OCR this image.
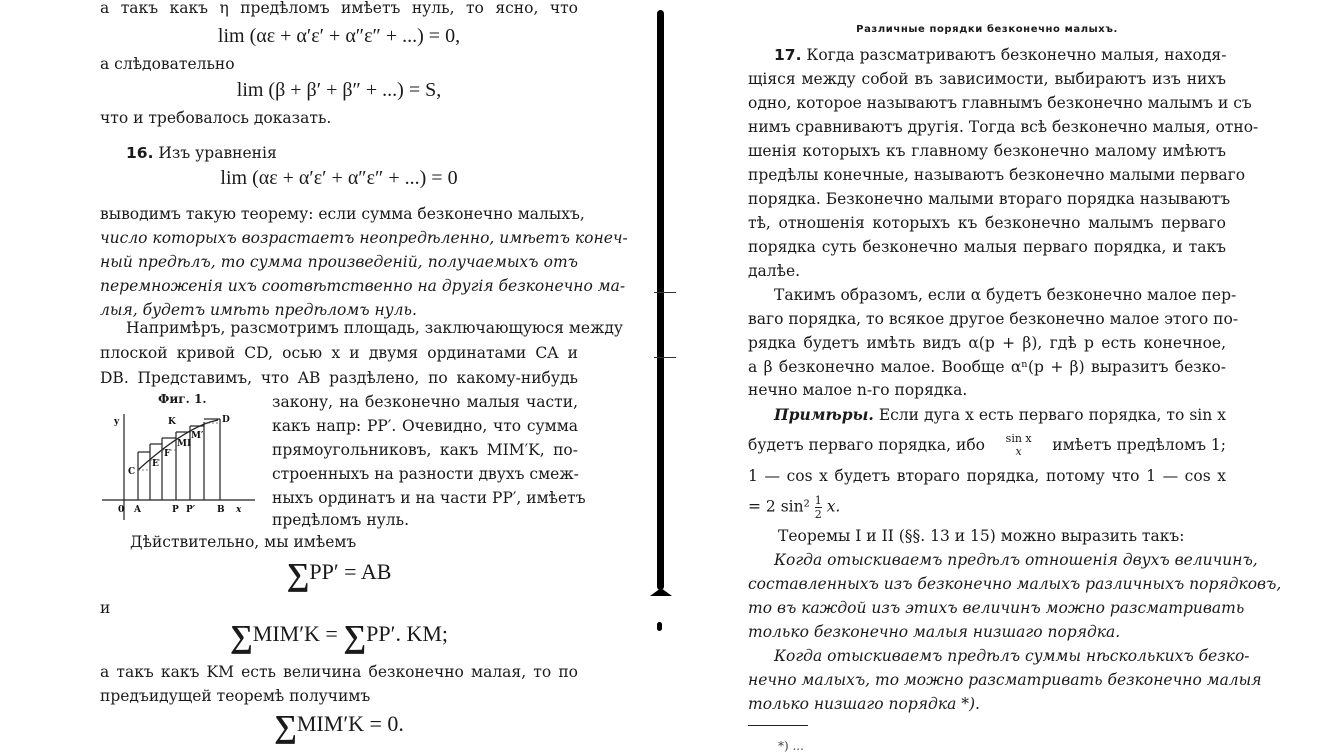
а такъ какъ η предѣломъ имѣетъ нуль, то ясно, что
lim (αε + α′ε′ + α″ε″ + ...) = 0,
а слѣдовательно
lim (β + β′ + β″ + ...) = S,
что и требовалось доказать.
16. Изъ уравненія
lim (αε + α′ε′ + α″ε″ + ...) = 0
выводимъ такую теорему: если сумма безконечно малыхъ,
число которыхъ возрастаетъ неопредѣленно, имѣетъ конеч-
ный предѣлъ, то сумма произведеній, получаемыхъ отъ
перемноженія ихъ соотвѣтственно на другія безконечно ма-
лыя, будетъ имѣть предѣломъ нуль.
Напримѣръ, разсмотримъ площадь, заключающуюся между
плоской кривой CD, осью x и двумя ординатами CA и
DB. Представимъ, что AB раздѣлено, по какому-нибудь
закону, на безконечно малыя части,
какъ напр: PP′. Очевидно, что сумма
прямоугольниковъ, какъ MIM′K, по-
строенныхъ на разности двухъ смеж-
ныхъ ординатъ и на части PP′, имѣетъ
предѣломъ нуль.
Дѣйствительно, мы имѣемъ
∑PP′ = AB
и
∑MIM′K = ∑PP′. KM;
а такъ какъ KM есть величина безконечно малая, то по
предъидущей теоремѣ получимъ
∑MIM′K = 0.
Фиг. 1.
y	K	D
C
E
F
MI
M′
0 A	P P′ B x
Различные порядки безконечно малыхъ.
17. Когда разсматриваютъ безконечно малыя, находя-
щіяся между собой въ зависимости, выбираютъ изъ нихъ
одно, которое называютъ главнымъ безконечно малымъ и съ
нимъ сравниваютъ другія. Тогда всѣ безконечно малыя, отно-
шенія которыхъ къ главному безконечно малому имѣютъ
предѣлы конечные, называютъ безконечно малыми перваго
порядка. Безконечно малыми втораго порядка называютъ
тѣ, отношенія которыхъ къ безконечно малымъ перваго
порядка суть безконечно малыя перваго порядка, и такъ
далѣе.
Такимъ образомъ, если α будетъ безконечно малое пер-
ваго порядка, то всякое другое безконечно малое этого по-
рядка будетъ имѣть видъ α(p + β), гдѣ p есть конечное,
а β безконечно малое. Вообще αⁿ(p + β) выразитъ безко-
нечно малое n-го порядка.
Примѣры. Если дуга x есть перваго порядка, то sin x
будетъ перваго порядка, ибо sin x
x	имѣетъ предѣломъ 1;
1 — cos x будетъ втораго порядка, потому что 1 — cos x
= 2 $\sin^2 \frac{1}{2} x$.
Теоремы I и II (§§. 13 и 15) можно выразить такъ:
Когда отыскиваемъ предѣлъ отношенія двухъ величинъ,
составленныхъ изъ безконечно малыхъ различныхъ порядковъ,
то въ каждой изъ этихъ величинъ можно разсматривать
только безконечно малыя низшаго порядка.
Когда отыскиваемъ предѣлъ суммы нѣсколькихъ безко-
нечно малыхъ, то можно разсматривать безконечно малыя
только низшаго порядка *).
*) ...
